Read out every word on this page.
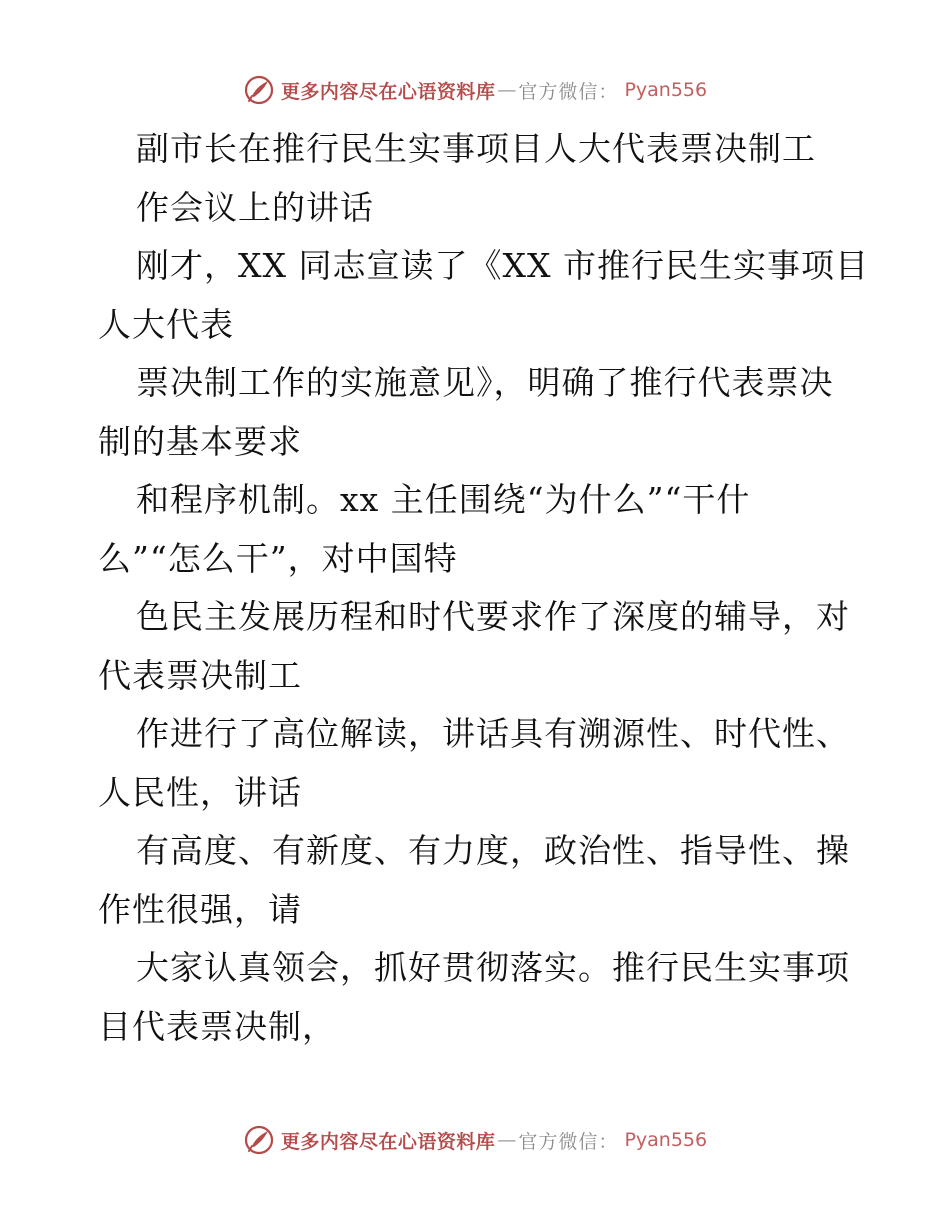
更多内容尽在心语资料库 — 官方微信： Pyan556
副市长在推行民生实事项目人大代表票决制工
作会议上的讲话
刚才，XX 同志宣读了《XX 市推行民生实事项目
人大代表
票决制工作的实施意见》，明确了推行代表票决
制的基本要求
和程序机制。xx 主任围绕“为什么”“干什
么”“怎么干”，对中国特
色民主发展历程和时代要求作了深度的辅导，对
代表票决制工
作进行了高位解读，讲话具有溯源性、时代性、
人民性，讲话
有高度、有新度、有力度，政治性、指导性、操
作性很强，请
大家认真领会，抓好贯彻落实。推行民生实事项
目代表票决制，
更多内容尽在心语资料库 — 官方微信： Pyan556
